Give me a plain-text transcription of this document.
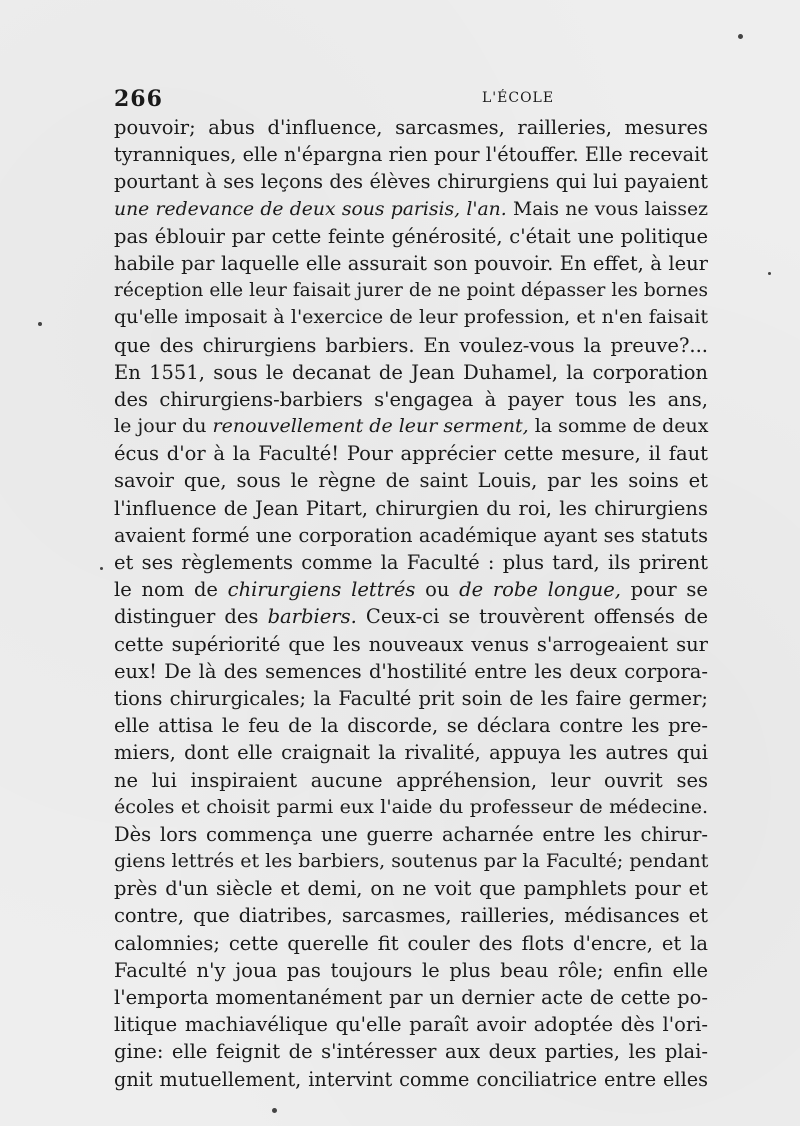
266	L'ÉCOLE
pouvoir; abus d'influence, sarcasmes, railleries, mesures
tyranniques, elle n'épargna rien pour l'étouffer. Elle recevait
pourtant à ses leçons des élèves chirurgiens qui lui payaient
une redevance de deux sous parisis, l'an. Mais ne vous laissez
pas éblouir par cette feinte générosité, c'était une politique
habile par laquelle elle assurait son pouvoir. En effet, à leur
réception elle leur faisait jurer de ne point dépasser les bornes
qu'elle imposait à l'exercice de leur profession, et n'en faisait
que des chirurgiens barbiers. En voulez-vous la preuve?...
En 1551, sous le decanat de Jean Duhamel, la corporation
des chirurgiens-barbiers s'engagea à payer tous les ans,
le jour du renouvellement de leur serment, la somme de deux
écus d'or à la Faculté! Pour apprécier cette mesure, il faut
savoir que, sous le règne de saint Louis, par les soins et
l'influence de Jean Pitart, chirurgien du roi, les chirurgiens
avaient formé une corporation académique ayant ses statuts
et ses règlements comme la Faculté : plus tard, ils prirent
le nom de chirurgiens lettrés ou de robe longue, pour se
distinguer des barbiers. Ceux-ci se trouvèrent offensés de
cette supériorité que les nouveaux venus s'arrogeaient sur
eux! De là des semences d'hostilité entre les deux corpora-
tions chirurgicales; la Faculté prit soin de les faire germer;
elle attisa le feu de la discorde, se déclara contre les pre-
miers, dont elle craignait la rivalité, appuya les autres qui
ne lui inspiraient aucune appréhension, leur ouvrit ses
écoles et choisit parmi eux l'aide du professeur de médecine.
Dès lors commença une guerre acharnée entre les chirur-
giens lettrés et les barbiers, soutenus par la Faculté; pendant
près d'un siècle et demi, on ne voit que pamphlets pour et
contre, que diatribes, sarcasmes, railleries, médisances et
calomnies; cette querelle fit couler des flots d'encre, et la
Faculté n'y joua pas toujours le plus beau rôle; enfin elle
l'emporta momentanément par un dernier acte de cette po-
litique machiavélique qu'elle paraît avoir adoptée dès l'ori-
gine: elle feignit de s'intéresser aux deux parties, les plai-
gnit mutuellement, intervint comme conciliatrice entre elles
